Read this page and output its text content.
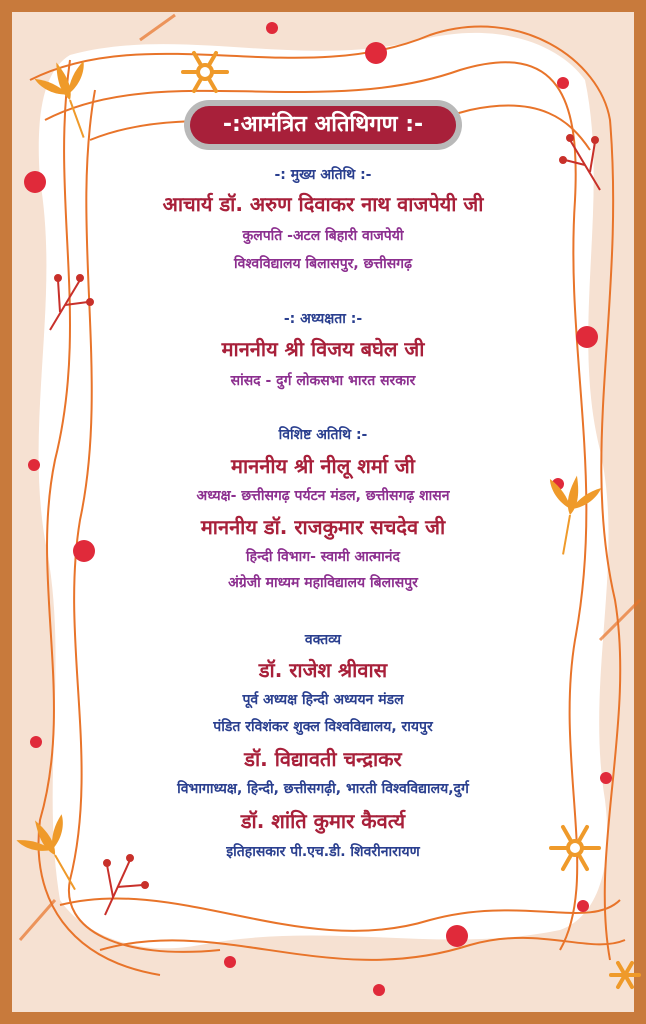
-:आमंत्रित अतिथिगण :-
-: मुख्य अतिथि :-
आचार्य डॉ. अरुण दिवाकर नाथ वाजपेयी जी
कुलपति -अटल बिहारी वाजपेयी
विश्वविद्यालय बिलासपुर, छत्तीसगढ़
-: अध्यक्षता :-
माननीय श्री विजय बघेल जी
सांसद - दुर्ग लोकसभा भारत सरकार
विशिष्ट अतिथि :-
माननीय श्री नीलू शर्मा जी
अध्यक्ष- छत्तीसगढ़ पर्यटन मंडल, छत्तीसगढ़ शासन
माननीय डॉ. राजकुमार सचदेव जी
हिन्दी विभाग- स्वामी आत्मानंद
अंग्रेजी माध्यम महाविद्यालय बिलासपुर
वक्तव्य
डॉ. राजेश श्रीवास
पूर्व अध्यक्ष हिन्दी अध्ययन मंडल
पंडित रविशंकर शुक्ल विश्वविद्यालय, रायपुर
डॉ. विद्यावती चन्द्राकर
विभागाध्यक्ष, हिन्दी, छत्तीसगढ़ी, भारती विश्वविद्यालय,दुर्ग
डॉ. शांति कुमार कैवर्त्य
इतिहासकार पी.एच.डी. शिवरीनारायण
